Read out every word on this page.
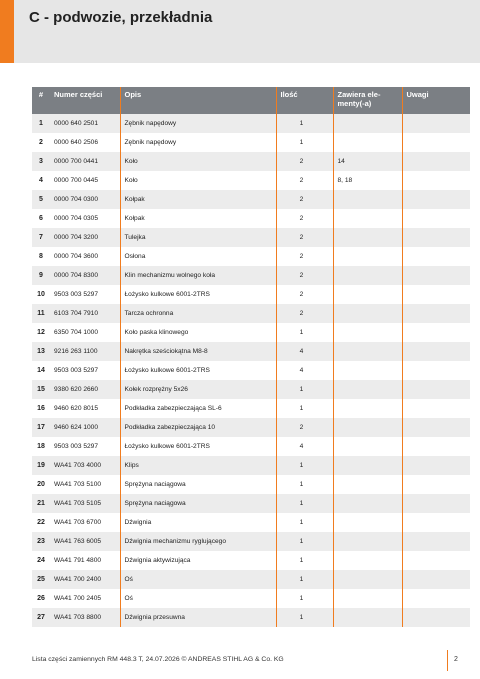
C - podwozie, przekładnia
#	Numer części	Opis	Ilość	Zawiera ele-menty(-a)	Uwagi
1	0000 640 2501	Zębnik napędowy	1		
2	0000 640 2506	Zębnik napędowy	1		
3	0000 700 0441	Koło	2	14	
4	0000 700 0445	Koło	2	8, 18	
5	0000 704 0300	Kołpak	2		
6	0000 704 0305	Kołpak	2		
7	0000 704 3200	Tulejka	2		
8	0000 704 3600	Osłona	2		
9	0000 704 8300	Klin mechanizmu wolnego koła	2		
10	9503 003 5297	Łożysko kulkowe 6001-2TRS	2		
11	6103 704 7910	Tarcza ochronna	2		
12	6350 704 1000	Koło paska klinowego	1		
13	9216 263 1100	Nakrętka sześciokątna M8-8	4		
14	9503 003 5297	Łożysko kulkowe 6001-2TRS	4		
15	9380 620 2660	Kołek rozprężny 5x26	1		
16	9460 620 8015	Podkładka zabezpieczająca SL-6	1		
17	9460 624 1000	Podkładka zabezpieczająca 10	2		
18	9503 003 5297	Łożysko kulkowe 6001-2TRS	4		
19	WA41 703 4000	Klips	1		
20	WA41 703 5100	Sprężyna naciągowa	1		
21	WA41 703 5105	Sprężyna naciągowa	1		
22	WA41 703 6700	Dźwignia	1		
23	WA41 763 6005	Dźwignia mechanizmu ryglującego	1		
24	WA41 791 4800	Dźwignia aktywizująca	1		
25	WA41 700 2400	Oś	1		
26	WA41 700 2405	Oś	1		
27	WA41 703 8800	Dźwignia przesuwna	1		
Lista części zamiennych RM 448.3 T, 24.07.2026 © ANDREAS STIHL AG & Co. KG	2
